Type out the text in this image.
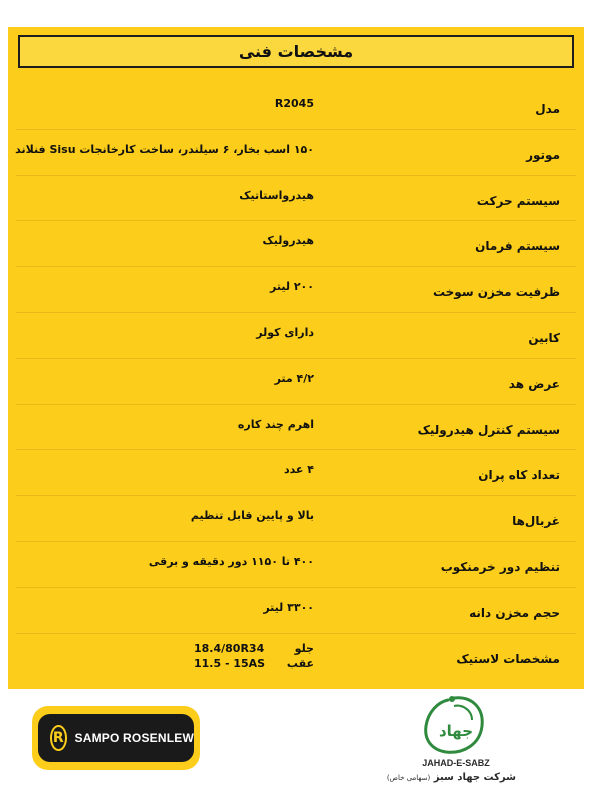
مشخصات فنی
مدل
R2045
موتور
۱۵۰ اسب بخار، ۶ سیلندر، ساخت کارخانجات Sisu فنلاند
سیستم حرکت
هیدرواستاتیک
سیستم فرمان
هیدرولیک
ظرفیت مخزن سوخت
۲۰۰ لیتر
کابین
دارای کولر
عرض هد
۴/۲ متر
سیستم کنترل هیدرولیک
اهرم چند کاره
تعداد کاه پران
۴ عدد
غربال‌ها
بالا و پایین قابل تنظیم
تنظیم دور خرمنکوب
۴۰۰ تا ۱۱۵۰ دور دقیقه و برقی
حجم مخزن دانه
۳۳۰۰ لیتر
مشخصات لاستیک
جلو
18.4/80R34
عقب
11.5 - 15AS
R SAMPO ROSENLEW	جهاد
JAHAD-E-SABZ
شرکت جهاد سبز (سهامی خاص)
